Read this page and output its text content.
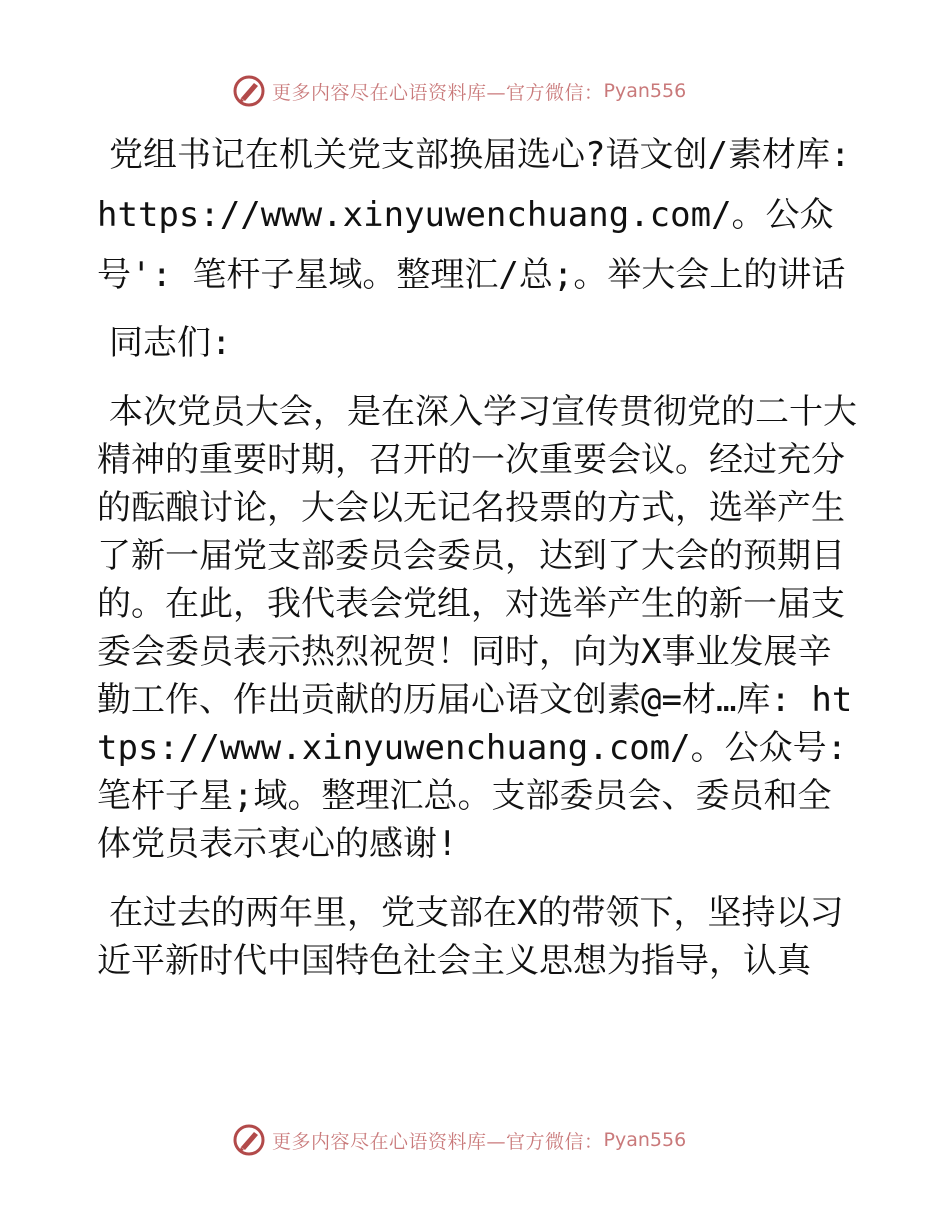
更多内容尽在心语资料库—官方微信： Pyan556

党组书记在机关党支部换届选心?语文创/素材库: https://www.xinyuwenchuang.com/。公众号': 笔杆子星域。整理汇/总;。举大会上的讲话

同志们:

本次党员大会，是在深入学习宣传贯彻党的二十大精神的重要时期，召开的一次重要会议。经过充分的酝酿讨论，大会以无记名投票的方式，选举产生了新一届党支部委员会委员，达到了大会的预期目的。在此，我代表会党组，对选举产生的新一届支委会委员表示热烈祝贺！同时，向为X事业发展辛勤工作、作出贡献的历届心语文创素@=材…库: https://www.xinyuwenchuang.com/。公众号: 笔杆子星;域。整理汇总。支部委员会、委员和全体党员表示衷心的感谢!

在过去的两年里，党支部在X的带领下，坚持以习近平新时代中国特色社会主义思想为指导，认真

更多内容尽在心语资料库—官方微信： Pyan556
